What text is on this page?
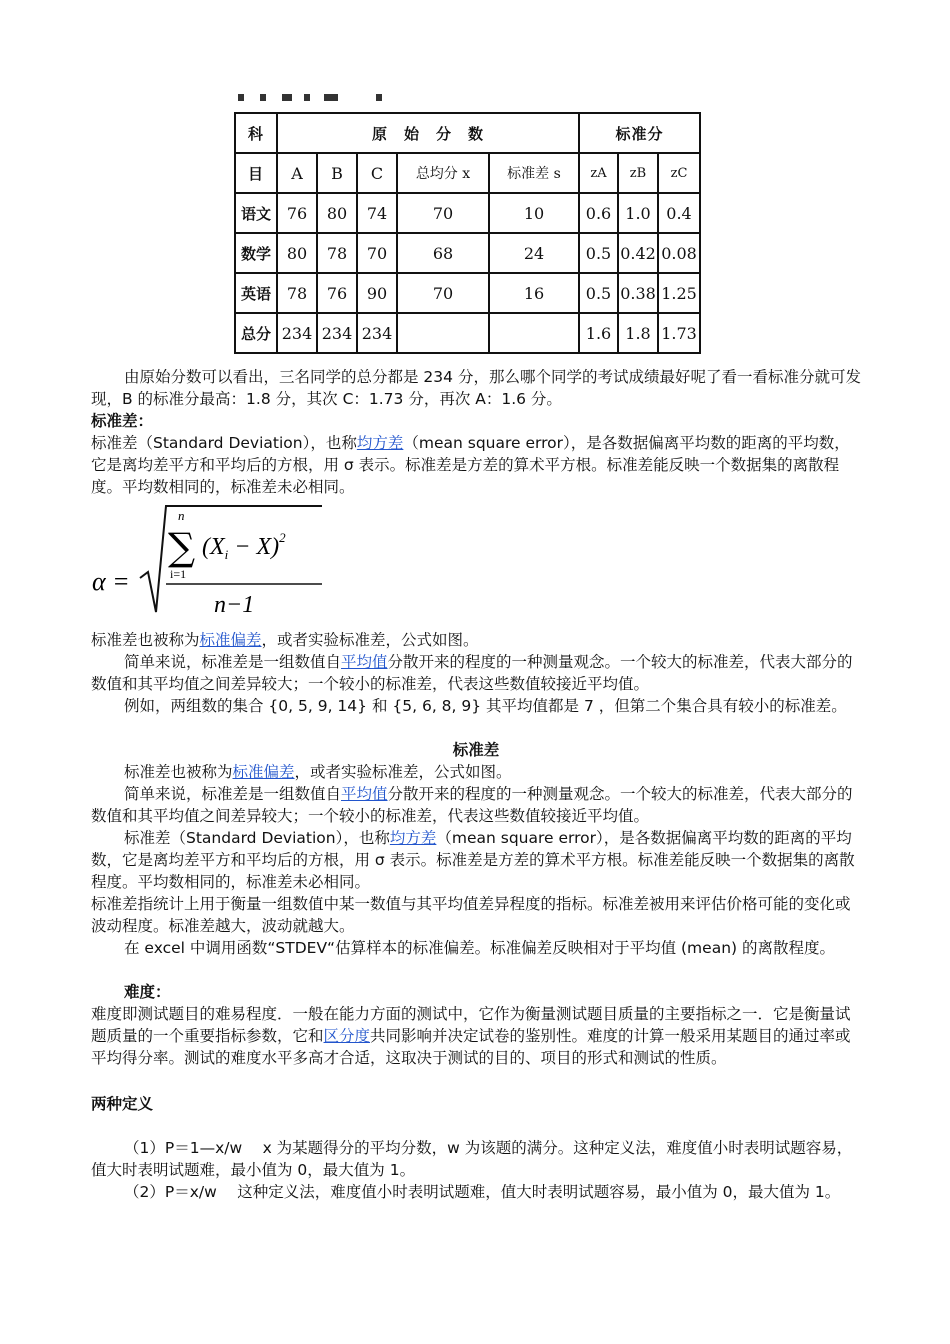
科	原　始　分　数					标准分		
目	A	B	C	总均分 x	标准差 s	zA	zB	zC
语文	76	80	74	70	10	0.6	1.0	0.4
数学	80	78	70	68	24	0.5	0.42	0.08
英语	78	76	90	70	16	0.5	0.38	1.25
总分	234	234	234			1.6	1.8	1.73

由原始分数可以看出，三名同学的总分都是 234 分，那么哪个同学的考试成绩最好呢了看一看标准分就可发现，B 的标准分最高：1.8 分，其次 C：1.73 分，再次 A：1.6 分。

标准差：

标准差（Standard Deviation），也称均方差（mean square error），是各数据偏离平均数的距离的平均数，它是离均差平方和平均后的方根，用 σ 表示。标准差是方差的算术平方根。标准差能反映一个数据集的离散程度。平均数相同的，标准差未必相同。

α =
n
∑
i=1
$(X_i - X)^2$
n−1

标准差也被称为标准偏差，或者实验标准差，公式如图。

简单来说，标准差是一组数值自平均值分散开来的程度的一种测量观念。一个较大的标准差，代表大部分的数值和其平均值之间差异较大；一个较小的标准差，代表这些数值较接近平均值。

例如，两组数的集合 {0, 5, 9, 14} 和 {5, 6, 8, 9} 其平均值都是 7 ，但第二个集合具有较小的标准差。

标准差

标准差也被称为标准偏差，或者实验标准差，公式如图。

简单来说，标准差是一组数值自平均值分散开来的程度的一种测量观念。一个较大的标准差，代表大部分的数值和其平均值之间差异较大；一个较小的标准差，代表这些数值较接近平均值。

标准差（Standard Deviation），也称均方差（mean square error），是各数据偏离平均数的距离的平均数，它是离均差平方和平均后的方根，用 σ 表示。标准差是方差的算术平方根。标准差能反映一个数据集的离散程度。平均数相同的，标准差未必相同。

标准差指统计上用于衡量一组数值中某一数值与其平均值差异程度的指标。标准差被用来评估价格可能的变化或波动程度。标准差越大，波动就越大。

在 excel 中调用函数“STDEV“估算样本的标准偏差。标准偏差反映相对于平均值 (mean) 的离散程度。

难度：

难度即测试题目的难易程度．一般在能力方面的测试中，它作为衡量测试题目质量的主要指标之一．它是衡量试题质量的一个重要指标参数，它和区分度共同影响并决定试卷的鉴别性。难度的计算一般采用某题目的通过率或平均得分率。测试的难度水平多高才合适，这取决于测试的目的、项目的形式和测试的性质。

两种定义

（1）P＝1—x/w　 x 为某题得分的平均分数，w 为该题的满分。这种定义法，难度值小时表明试题容易，值大时表明试题难，最小值为 0，最大值为 1。

（2）P＝x/w　 这种定义法，难度值小时表明试题难，值大时表明试题容易，最小值为 0，最大值为 1。
